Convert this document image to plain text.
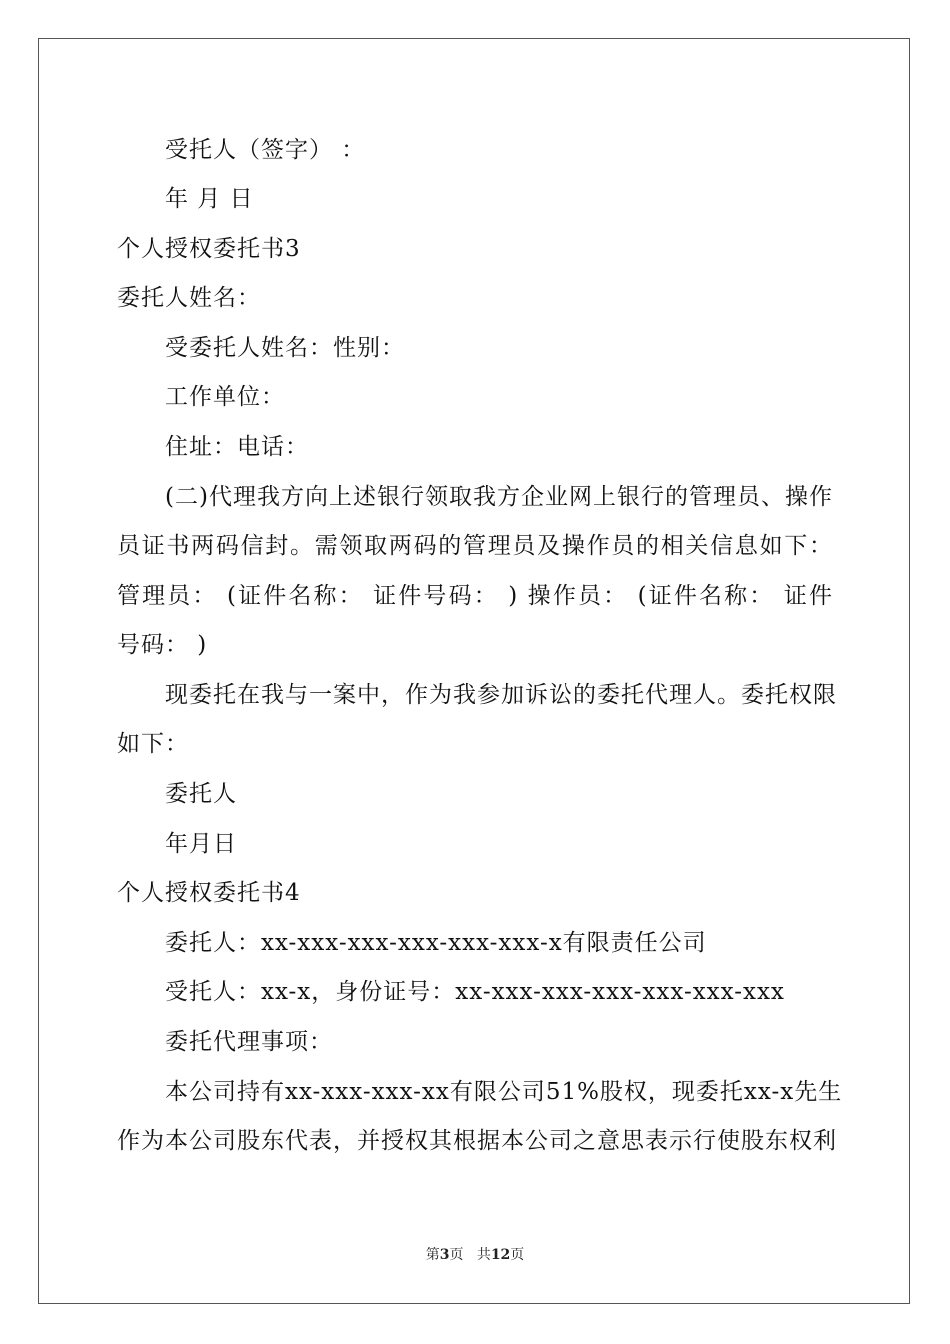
受托人（签字） ：
年 月 日
个人授权委托书3
委托人姓名：
受委托人姓名：性别：
工作单位：
住址：电话：
(二)代理我方向上述银行领取我方企业网上银行的管理员、操作
员证书两码信封。需领取两码的管理员及操作员的相关信息如下：
管理员： (证件名称： 证件号码： ) 操作员： (证件名称： 证件
号码： )
现委托在我与一案中，作为我参加诉讼的委托代理人。委托权限
如下：
委托人
年月日
个人授权委托书4
委托人：xx-xxx-xxx-xxx-xxx-xxx-x有限责任公司
受托人：xx-x，身份证号：xx-xxx-xxx-xxx-xxx-xxx-xxx
委托代理事项：
本公司持有xx-xxx-xxx-xx有限公司51%股权，现委托xx-x先生
作为本公司股东代表，并授权其根据本公司之意思表示行使股东权利
第3页 共12页
